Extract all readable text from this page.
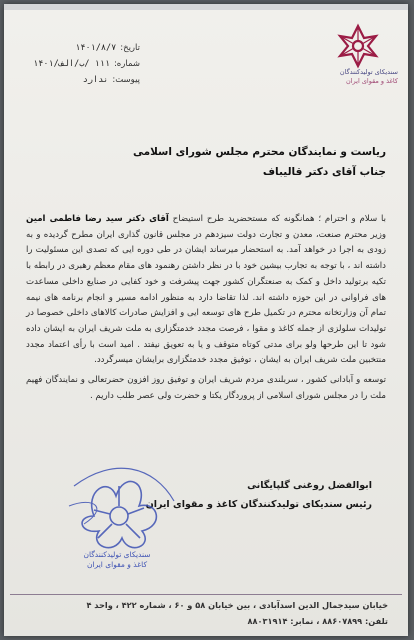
تاریخ:
۱۴۰۱/۸/۷
شماره:
۱۱۱ /ب/الف/۱۴۰۱
پیوست:
ندارد
سندیکای تولیدکنندگان
کاغذ و مقوای ایران
ریاست و نمایندگان محترم مجلس شورای اسلامی
جناب آقای دکتر قالیباف

با سلام و احترام ؛ همانگونه که مستحضرید طرح استیضاح آقای دکتر سید رضا فاطمی امین وزیر محترم صنعت، معدن و تجارت دولت سیزدهم در مجلس قانون گذاری ایران مطرح گردیده و به زودی به اجرا در خواهد آمد. به استحضار میرساند ایشان در طی دوره ایی که تصدی این مسئولیت را داشته اند ، با توجه به تجارب بیشین خود با در نظر داشتن رهنمود های مقام معظم رهبری در رابطه با تکیه برتولید داخل و کمک به صنعتگران کشور جهت پیشرفت و خود کفایی در صنایع داخلی مساعدت های فراوانی در این حوزه داشته اند. لذا تقاضا دارد به منظور ادامه مسیر و انجام برنامه های نیمه تمام آن وزارتخانه محترم در تکمیل طرح های توسعه ایی و افزایش صادرات کالاهای داخلی خصوصا در تولیدات سلولزی از جمله کاغذ و مقوا ، فرصت مجدد خدمتگزاری به ملت شریف ایران به ایشان داده شود تا این طرحها ولو برای مدتی کوتاه متوقف و یا به تعویق نیفتد . امید است با رأی اعتماد مجدد منتخبین ملت شریف ایران به ایشان ، توفیق مجدد خدمتگزاری برایشان میسرگردد.

توسعه و آبادانی کشور ، سربلندی مردم شریف ایران و توفیق روز افزون حضرتعالی و نمایندگان فهیم ملت را در مجلس شورای اسلامی از پروردگار یکتا و حضرت ولی عصر طلب داریم .

ابوالفضل روغنی گلپایگانی
رئیس سندیکای تولیدکنندگان کاغذ و مقوای ایران
سندیکای تولیدکنندگان
کاغذ و مقوای ایران
خیابان سیدجمال الدین اسدآبادی ، بین خیابان ۵۸ و ۶۰ ، شماره ۴۲۲ ، واحد ۴
تلفن: ۸۸۶۰۷۸۹۹ ، نمابر: ۸۸۰۳۱۹۱۴
